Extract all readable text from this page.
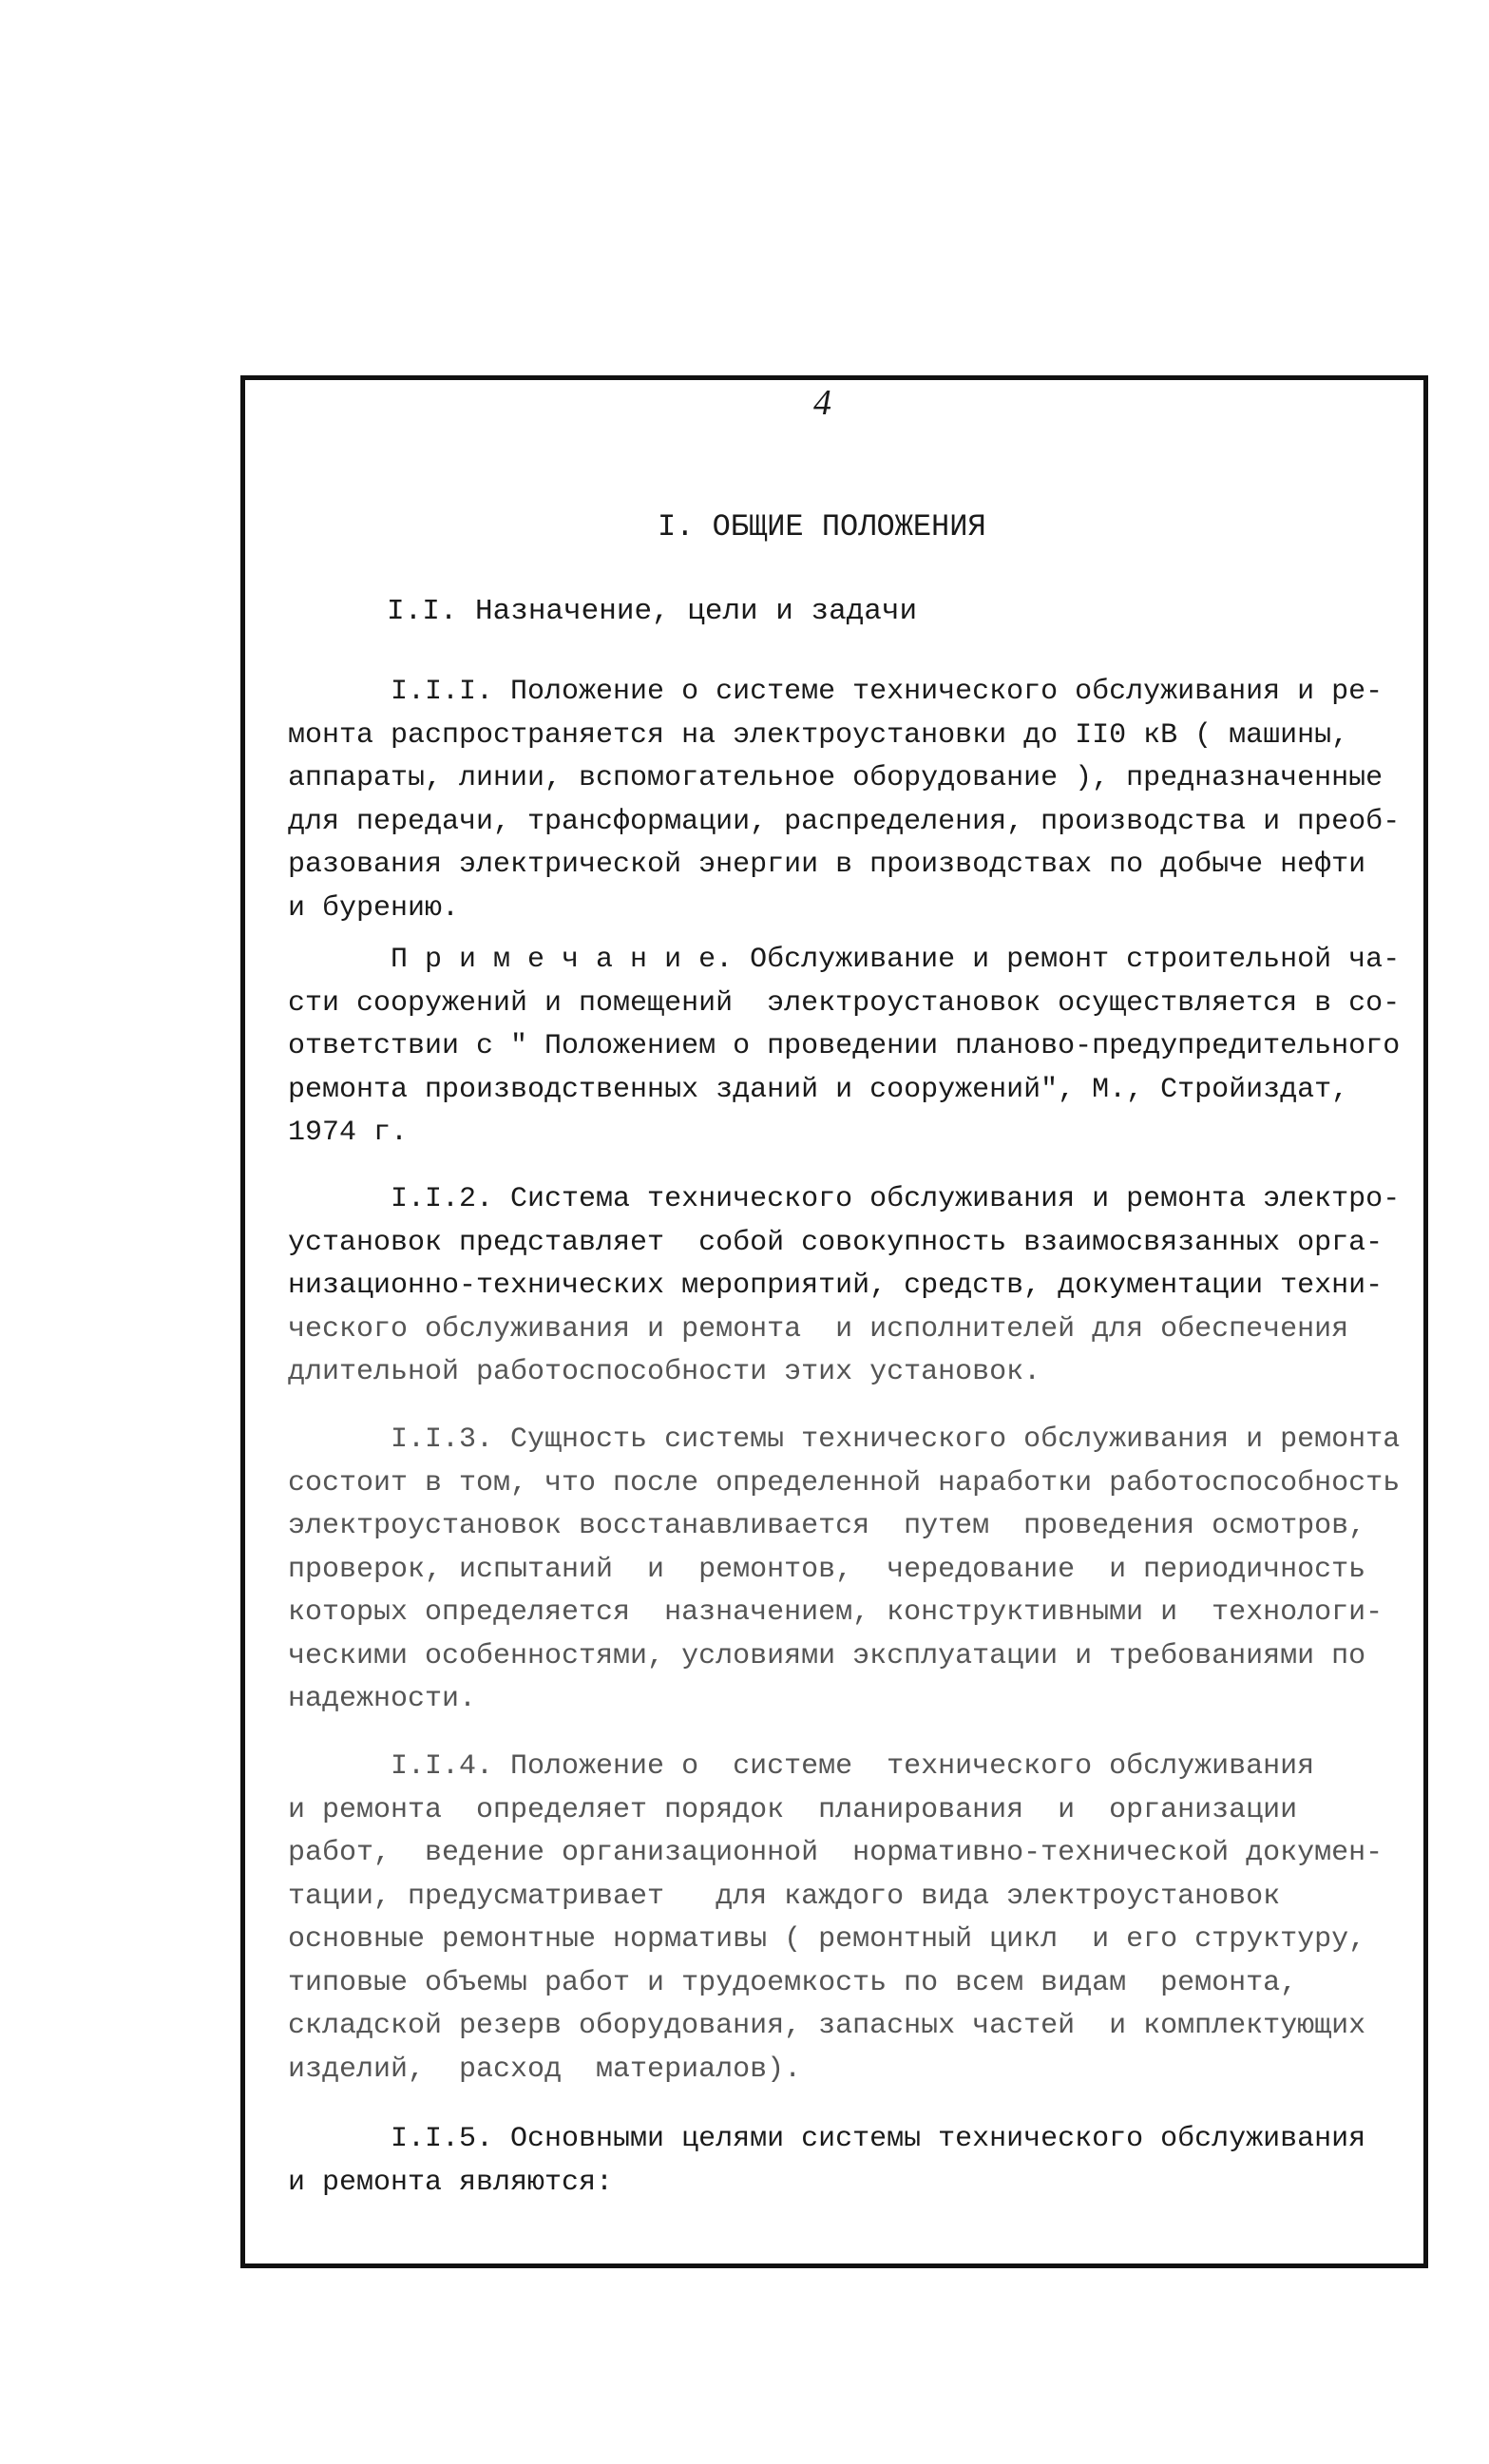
4
I. ОБЩИЕ ПОЛОЖЕНИЯ
I.I. Назначение, цели и задачи
I.I.I. Положение о системе технического обслуживания и ре-
монта распространяется на электроустановки до II0 кВ ( машины,
аппараты, линии, вспомогательное оборудование ), предназначенные
для передачи, трансформации, распределения, производства и преоб-
разования электрической энергии в производствах по добыче нефти
и бурению.
П р и м е ч а н и е. Обслуживание и ремонт строительной ча-
сти сооружений и помещений  электроустановок осуществляется в со-
ответствии с " Положением о проведении планово-предупредительного
ремонта производственных зданий и сооружений", М., Стройиздат,
1974 г.
I.I.2. Система технического обслуживания и ремонта электро-
установок представляет  собой совокупность взаимосвязанных орга-
низационно-технических мероприятий, средств, документации техни-
ческого обслуживания и ремонта  и исполнителей для обеспечения
длительной работоспособности этих установок.
I.I.3. Сущность системы технического обслуживания и ремонта
состоит в том, что после определенной наработки работоспособность
электроустановок восстанавливается  путем  проведения осмотров,
проверок, испытаний  и  ремонтов,  чередование  и периодичность
которых определяется  назначением, конструктивными и  технологи-
ческими особенностями, условиями эксплуатации и требованиями по
надежности.
I.I.4. Положение о  системе  технического обслуживания
и ремонта  определяет порядок  планирования  и  организации
работ,  ведение организационной  нормативно-технической докумен-
тации, предусматривает   для каждого вида электроустановок
основные ремонтные нормативы ( ремонтный цикл  и его структуру,
типовые объемы работ и трудоемкость по всем видам  ремонта,
складской резерв оборудования, запасных частей  и комплектующих
изделий,  расход  материалов).
I.I.5. Основными целями системы технического обслуживания
и ремонта являются:
